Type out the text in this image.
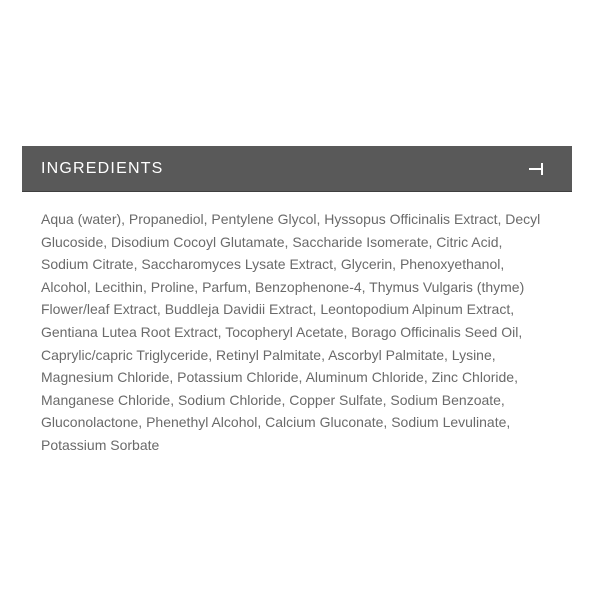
INGREDIENTS

Aqua (water), Propanediol, Pentylene Glycol, Hyssopus Officinalis Extract, Decyl Glucoside, Disodium Cocoyl Glutamate, Saccharide Isomerate, Citric Acid, Sodium Citrate, Saccharomyces Lysate Extract, Glycerin, Phenoxyethanol, Alcohol, Lecithin, Proline, Parfum, Benzophenone-4, Thymus Vulgaris (thyme) Flower/leaf Extract, Buddleja Davidii Extract, Leontopodium Alpinum Extract, Gentiana Lutea Root Extract, Tocopheryl Acetate, Borago Officinalis Seed Oil, Caprylic/capric Triglyceride, Retinyl Palmitate, Ascorbyl Palmitate, Lysine, Magnesium Chloride, Potassium Chloride, Aluminum Chloride, Zinc Chloride, Manganese Chloride, Sodium Chloride, Copper Sulfate, Sodium Benzoate, Gluconolactone, Phenethyl Alcohol, Calcium Gluconate, Sodium Levulinate, Potassium Sorbate
